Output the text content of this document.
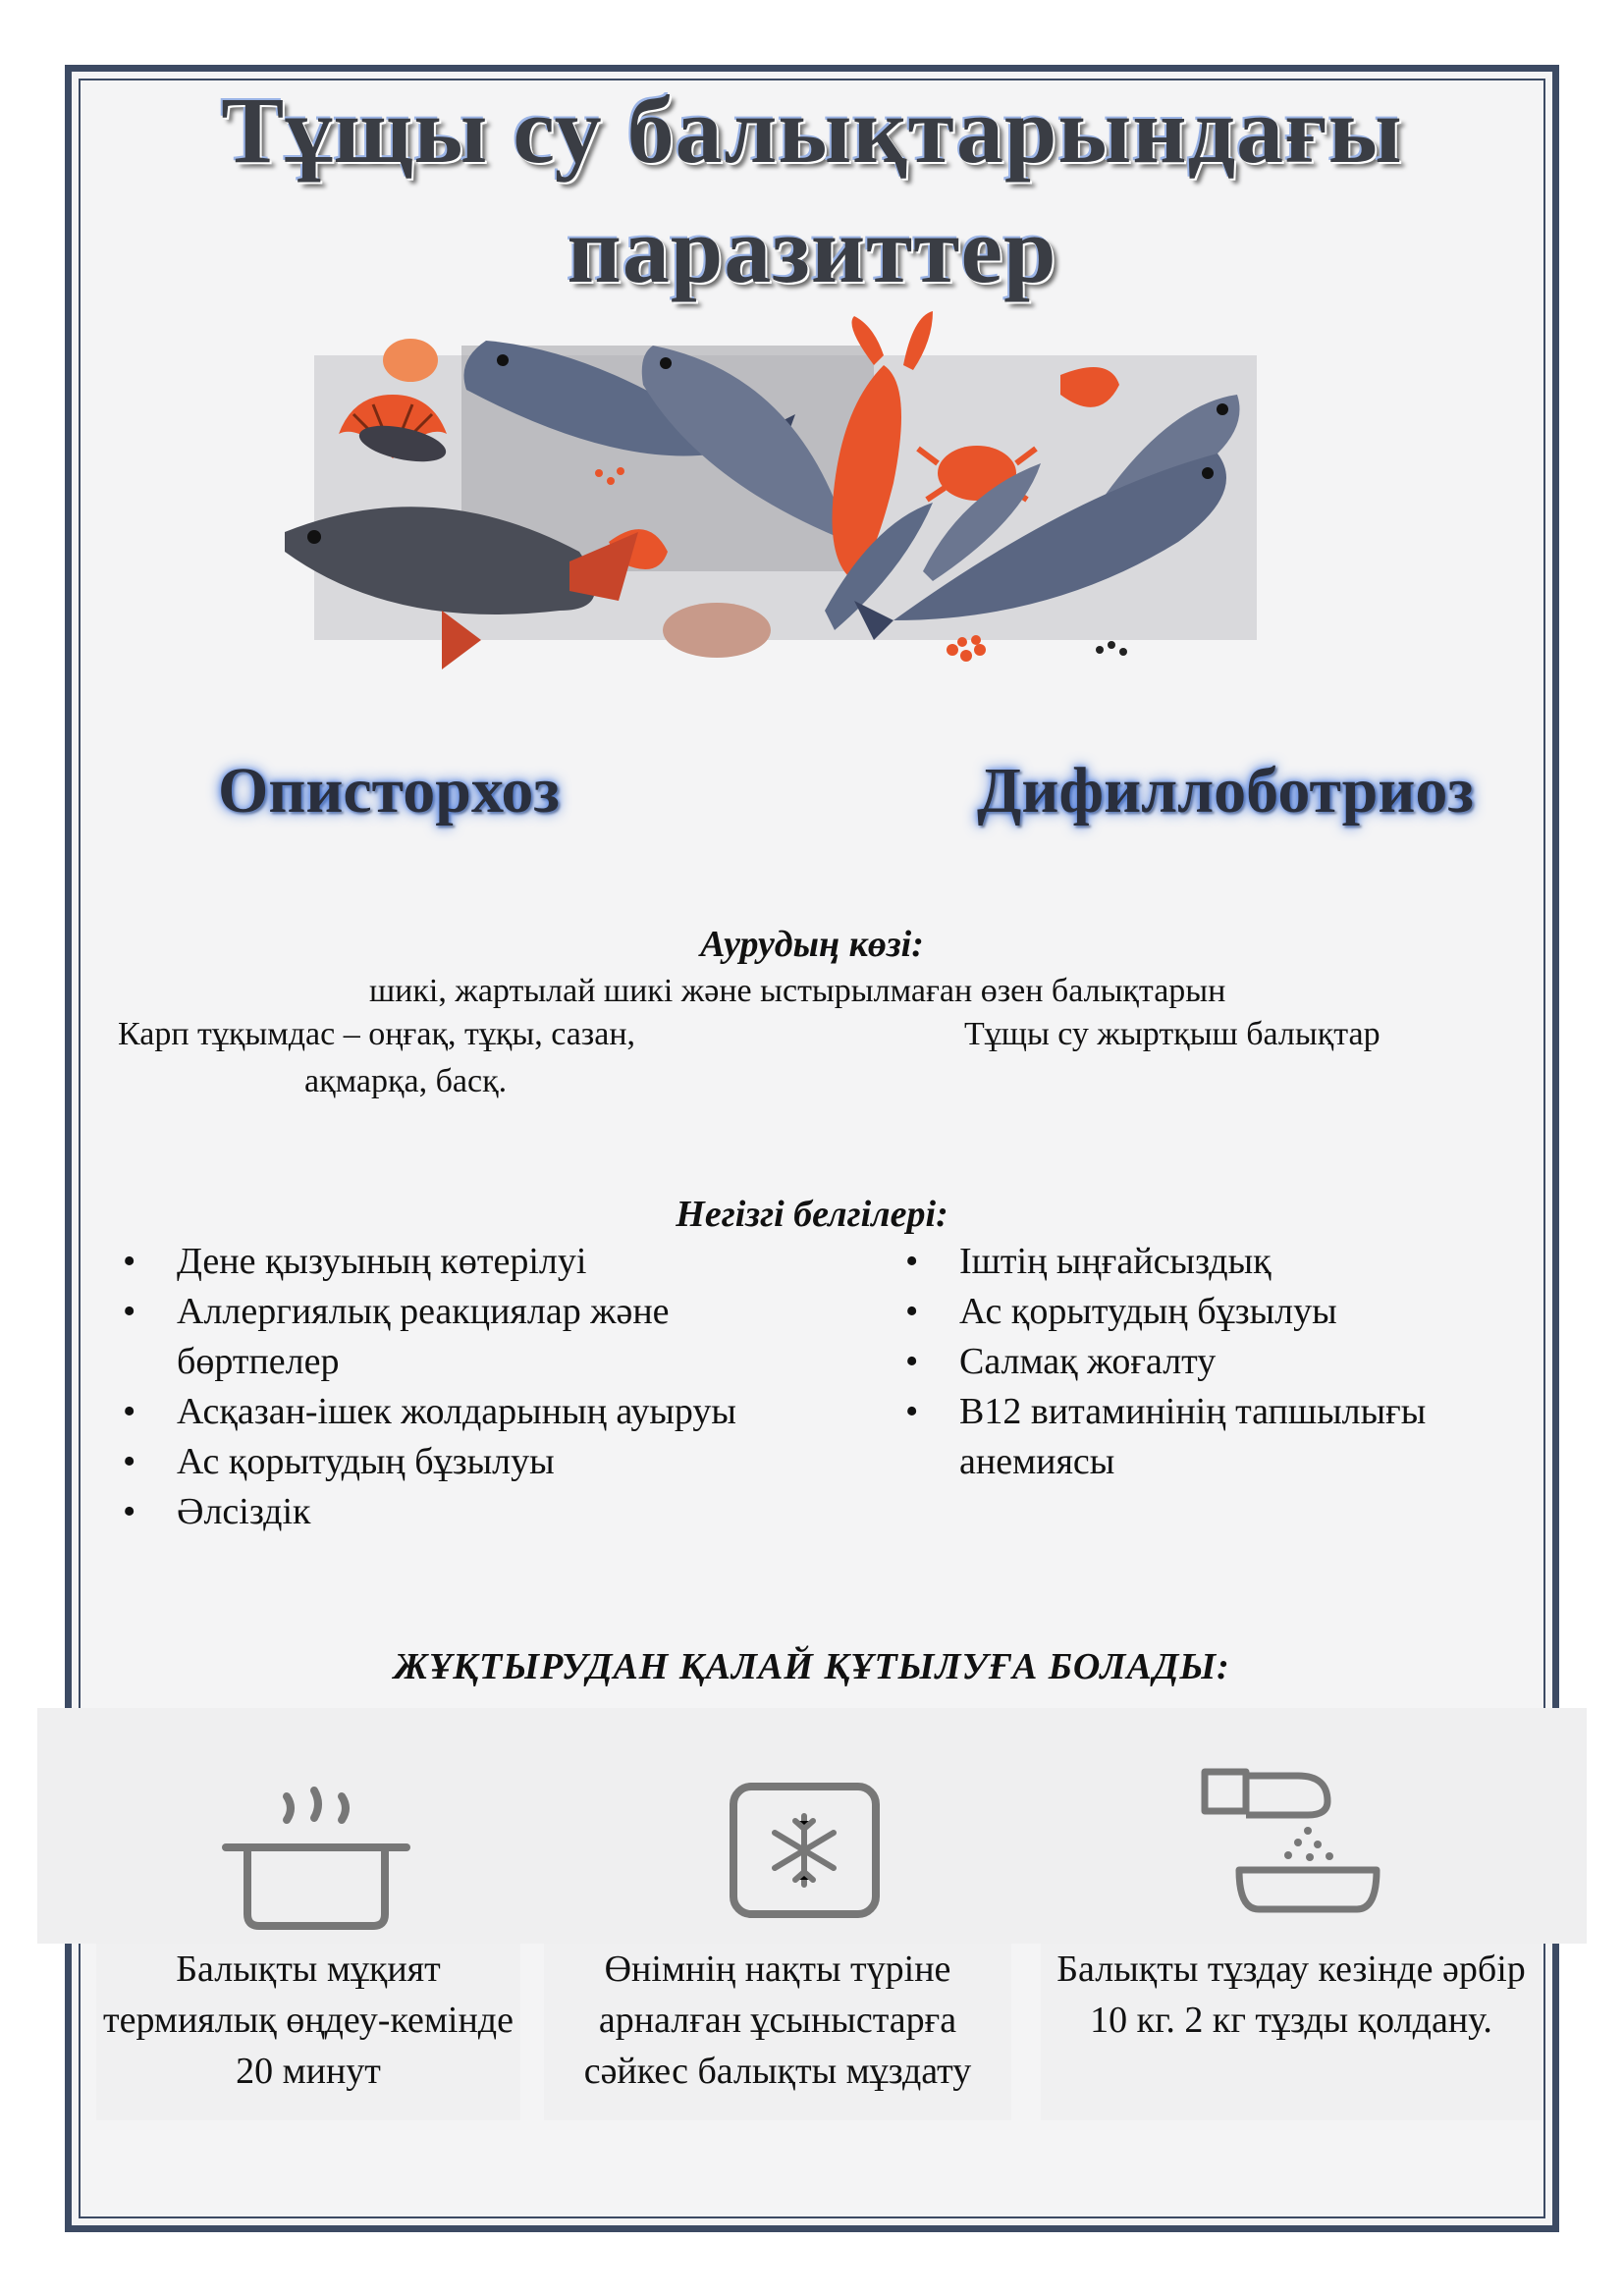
Тұщы су балықтарындағы
паразиттер
Описторхоз	Дифиллоботриоз
Аурудың көзі:
шикі, жартылай шикі және ыстырылмаған өзен балықтарын
Карп тұқымдас – оңғақ, тұқы, сазан,
ақмарқа, басқ.
Тұщы су жыртқыш балықтар
Негізгі белгілері:
• Дене қызуының көтерілуі
• Аллергиялық реакциялар және бөртпелер
• Асқазан-ішек жолдарының ауыруы
• Ас қорытудың бұзылуы
• Әлсіздік
• Іштің ыңғайсыздық
• Ас қорытудың бұзылуы
• Салмақ жоғалту
• В12 витаминінің тапшылығы анемиясы
ЖҰҚТЫРУДАН ҚАЛАЙ ҚҰТЫЛУҒА БОЛАДЫ:
Балықты мұқият термиялық өңдеу-кемінде 20 минут
Өнімнің нақты түріне арналған ұсыныстарға сәйкес балықты мұздату
Балықты тұздау кезінде әрбір 10 кг. 2 кг тұзды қолдану.
